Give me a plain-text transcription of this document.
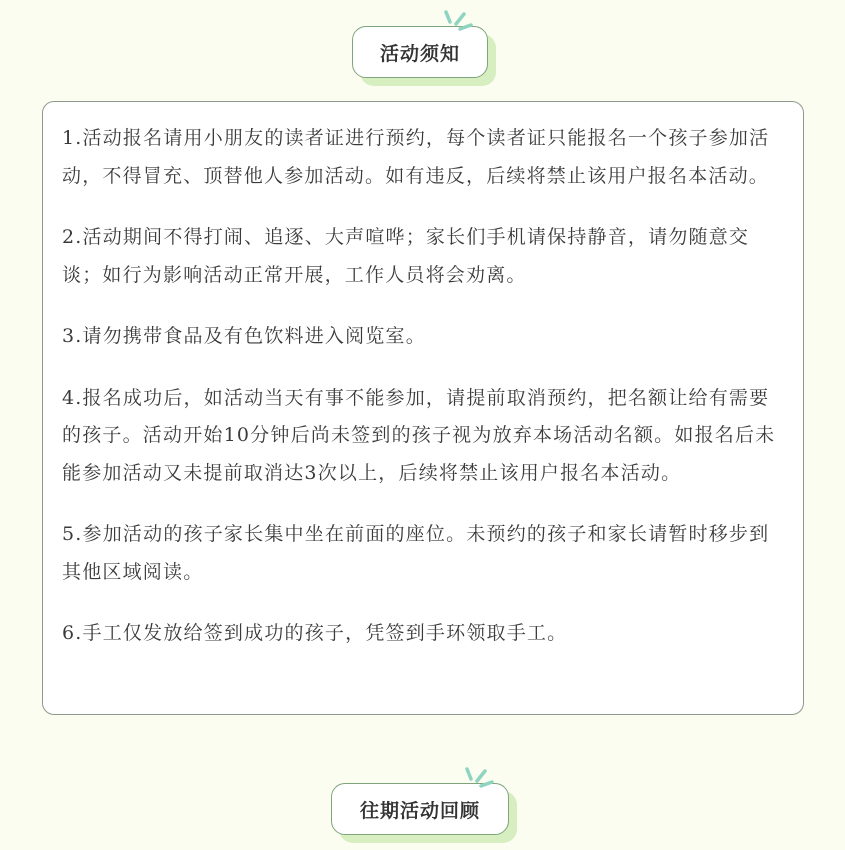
活动须知

1.活动报名请用小朋友的读者证进行预约，每个读者证只能报名一个孩子参加活动，不得冒充、顶替他人参加活动。如有违反，后续将禁止该用户报名本活动。

2.活动期间不得打闹、追逐、大声喧哗；家长们手机请保持静音，请勿随意交谈；如行为影响活动正常开展，工作人员将会劝离。

3.请勿携带食品及有色饮料进入阅览室。

4.报名成功后，如活动当天有事不能参加，请提前取消预约，把名额让给有需要的孩子。活动开始10分钟后尚未签到的孩子视为放弃本场活动名额。如报名后未能参加活动又未提前取消达3次以上，后续将禁止该用户报名本活动。

5.参加活动的孩子家长集中坐在前面的座位。未预约的孩子和家长请暂时移步到其他区域阅读。

6.手工仅发放给签到成功的孩子，凭签到手环领取手工。

往期活动回顾
